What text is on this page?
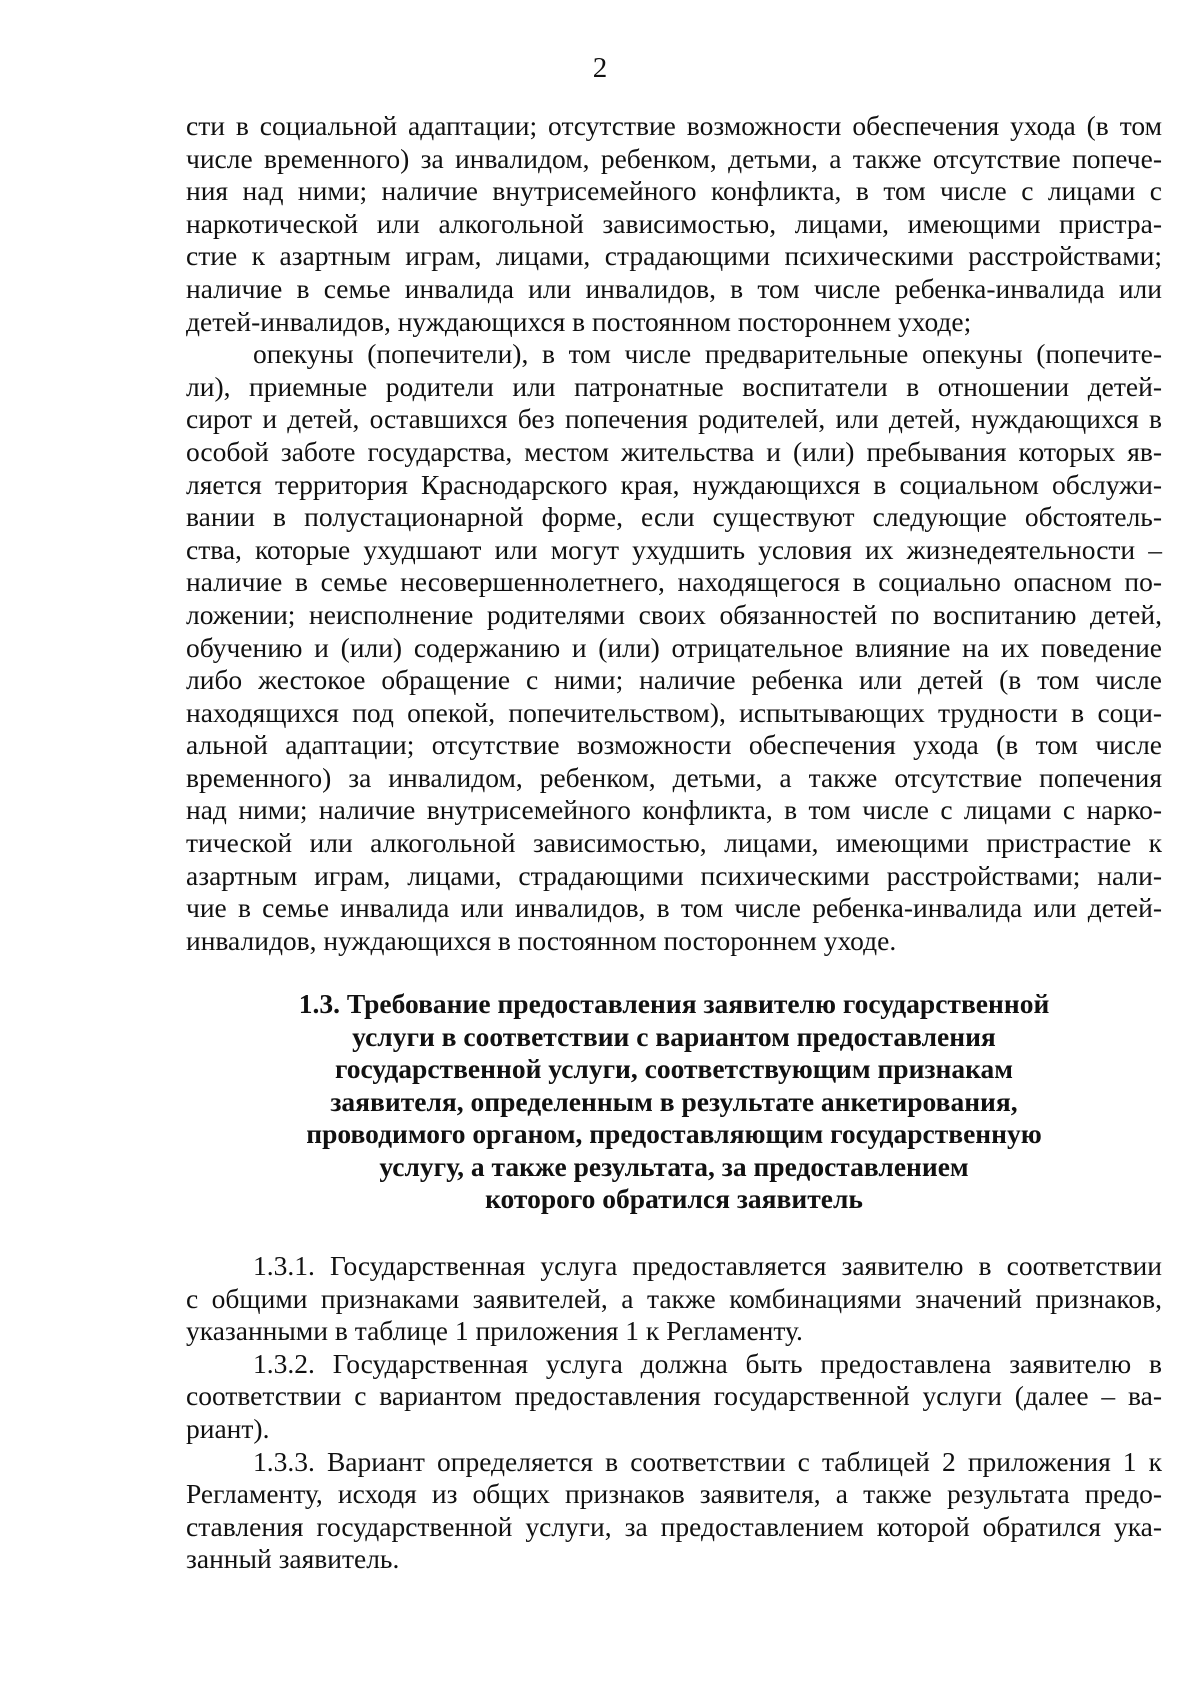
2

сти в социальной адаптации; отсутствие возможности обеспечения ухода (в том
числе временного) за инвалидом, ребенком, детьми, а также отсутствие попече-
ния над ними; наличие внутрисемейного конфликта, в том числе с лицами с
наркотической или алкогольной зависимостью, лицами, имеющими пристра-
стие к азартным играм, лицами, страдающими психическими расстройствами;
наличие в семье инвалида или инвалидов, в том числе ребенка-инвалида или
детей-инвалидов, нуждающихся в постоянном постороннем уходе;

опекуны (попечители), в том числе предварительные опекуны (попечите-
ли), приемные родители или патронатные воспитатели в отношении детей-
сирот и детей, оставшихся без попечения родителей, или детей, нуждающихся в
особой заботе государства, местом жительства и (или) пребывания которых яв-
ляется территория Краснодарского края, нуждающихся в социальном обслужи-
вании в полустационарной форме, если существуют следующие обстоятель-
ства, которые ухудшают или могут ухудшить условия их жизнедеятельности –
наличие в семье несовершеннолетнего, находящегося в социально опасном по-
ложении; неисполнение родителями своих обязанностей по воспитанию детей,
обучению и (или) содержанию и (или) отрицательное влияние на их поведение
либо жестокое обращение с ними; наличие ребенка или детей (в том числе
находящихся под опекой, попечительством), испытывающих трудности в соци-
альной адаптации; отсутствие возможности обеспечения ухода (в том числе
временного) за инвалидом, ребенком, детьми, а также отсутствие попечения
над ними; наличие внутрисемейного конфликта, в том числе с лицами с нарко-
тической или алкогольной зависимостью, лицами, имеющими пристрастие к
азартным играм, лицами, страдающими психическими расстройствами; нали-
чие в семье инвалида или инвалидов, в том числе ребенка-инвалида или детей-
инвалидов, нуждающихся в постоянном постороннем уходе.

1.3. Требование предоставления заявителю государственной
услуги в соответствии с вариантом предоставления
государственной услуги, соответствующим признакам
заявителя, определенным в результате анкетирования,
проводимого органом, предоставляющим государственную
услугу, а также результата, за предоставлением
которого обратился заявитель

1.3.1. Государственная услуга предоставляется заявителю в соответствии
с общими признаками заявителей, а также комбинациями значений признаков,
указанными в таблице 1 приложения 1 к Регламенту.

1.3.2. Государственная услуга должна быть предоставлена заявителю в
соответствии с вариантом предоставления государственной услуги (далее – ва-
риант).

1.3.3. Вариант определяется в соответствии с таблицей 2 приложения 1 к
Регламенту, исходя из общих признаков заявителя, а также результата предо-
ставления государственной услуги, за предоставлением которой обратился ука-
занный заявитель.
